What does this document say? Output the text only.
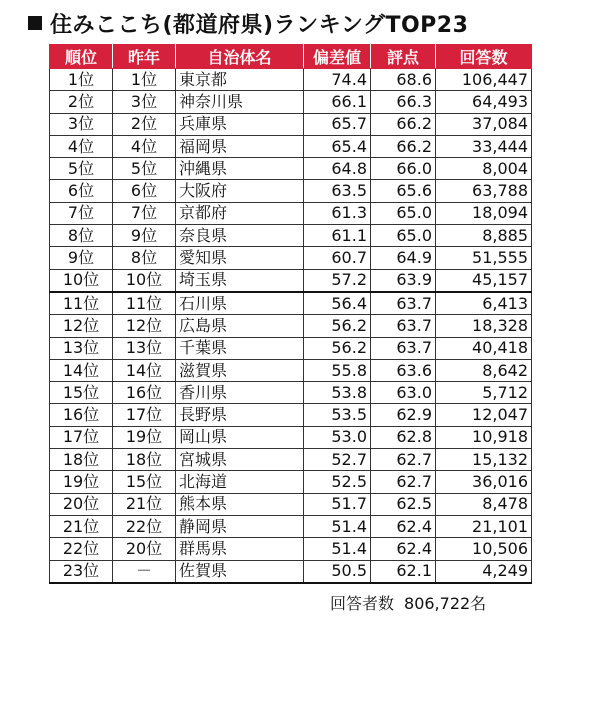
住みここち(都道府県)ランキングTOP23
順位	昨年	自治体名	偏差値	評点	回答数
1位	1位	東京都	74.4	68.6	106,447
2位	3位	神奈川県	66.1	66.3	64,493
3位	2位	兵庫県	65.7	66.2	37,084
4位	4位	福岡県	65.4	66.2	33,444
5位	5位	沖縄県	64.8	66.0	8,004
6位	6位	大阪府	63.5	65.6	63,788
7位	7位	京都府	61.3	65.0	18,094
8位	9位	奈良県	61.1	65.0	8,885
9位	8位	愛知県	60.7	64.9	51,555
10位	10位	埼玉県	57.2	63.9	45,157
11位	11位	石川県	56.4	63.7	6,413
12位	12位	広島県	56.2	63.7	18,328
13位	13位	千葉県	56.2	63.7	40,418
14位	14位	滋賀県	55.8	63.6	8,642
15位	16位	香川県	53.8	63.0	5,712
16位	17位	長野県	53.5	62.9	12,047
17位	19位	岡山県	53.0	62.8	10,918
18位	18位	宮城県	52.7	62.7	15,132
19位	15位	北海道	52.5	62.7	36,016
20位	21位	熊本県	51.7	62.5	8,478
21位	22位	静岡県	51.4	62.4	21,101
22位	20位	群馬県	51.4	62.4	10,506
23位	－	佐賀県	50.5	62.1	4,249
回答者数 806,722名
